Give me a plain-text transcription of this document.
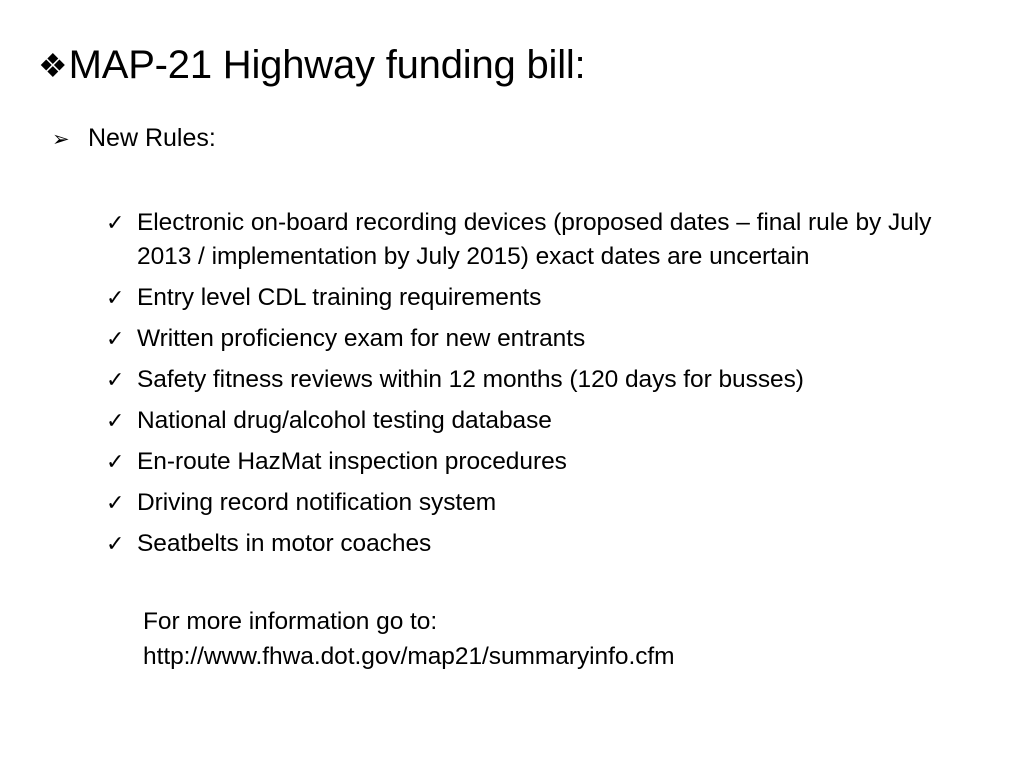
❖ MAP-21 Highway funding bill:
➢ New Rules:
✓ Electronic on-board recording devices (proposed dates – final rule by July 2013 / implementation by July 2015) exact dates are uncertain
✓ Entry level CDL training requirements
✓ Written proficiency exam for new entrants
✓ Safety fitness reviews within 12 months (120 days for busses)
✓ National drug/alcohol testing database
✓ En-route HazMat inspection procedures
✓ Driving record notification system
✓ Seatbelts in motor coaches
For more information go to:
http://www.fhwa.dot.gov/map21/summaryinfo.cfm
